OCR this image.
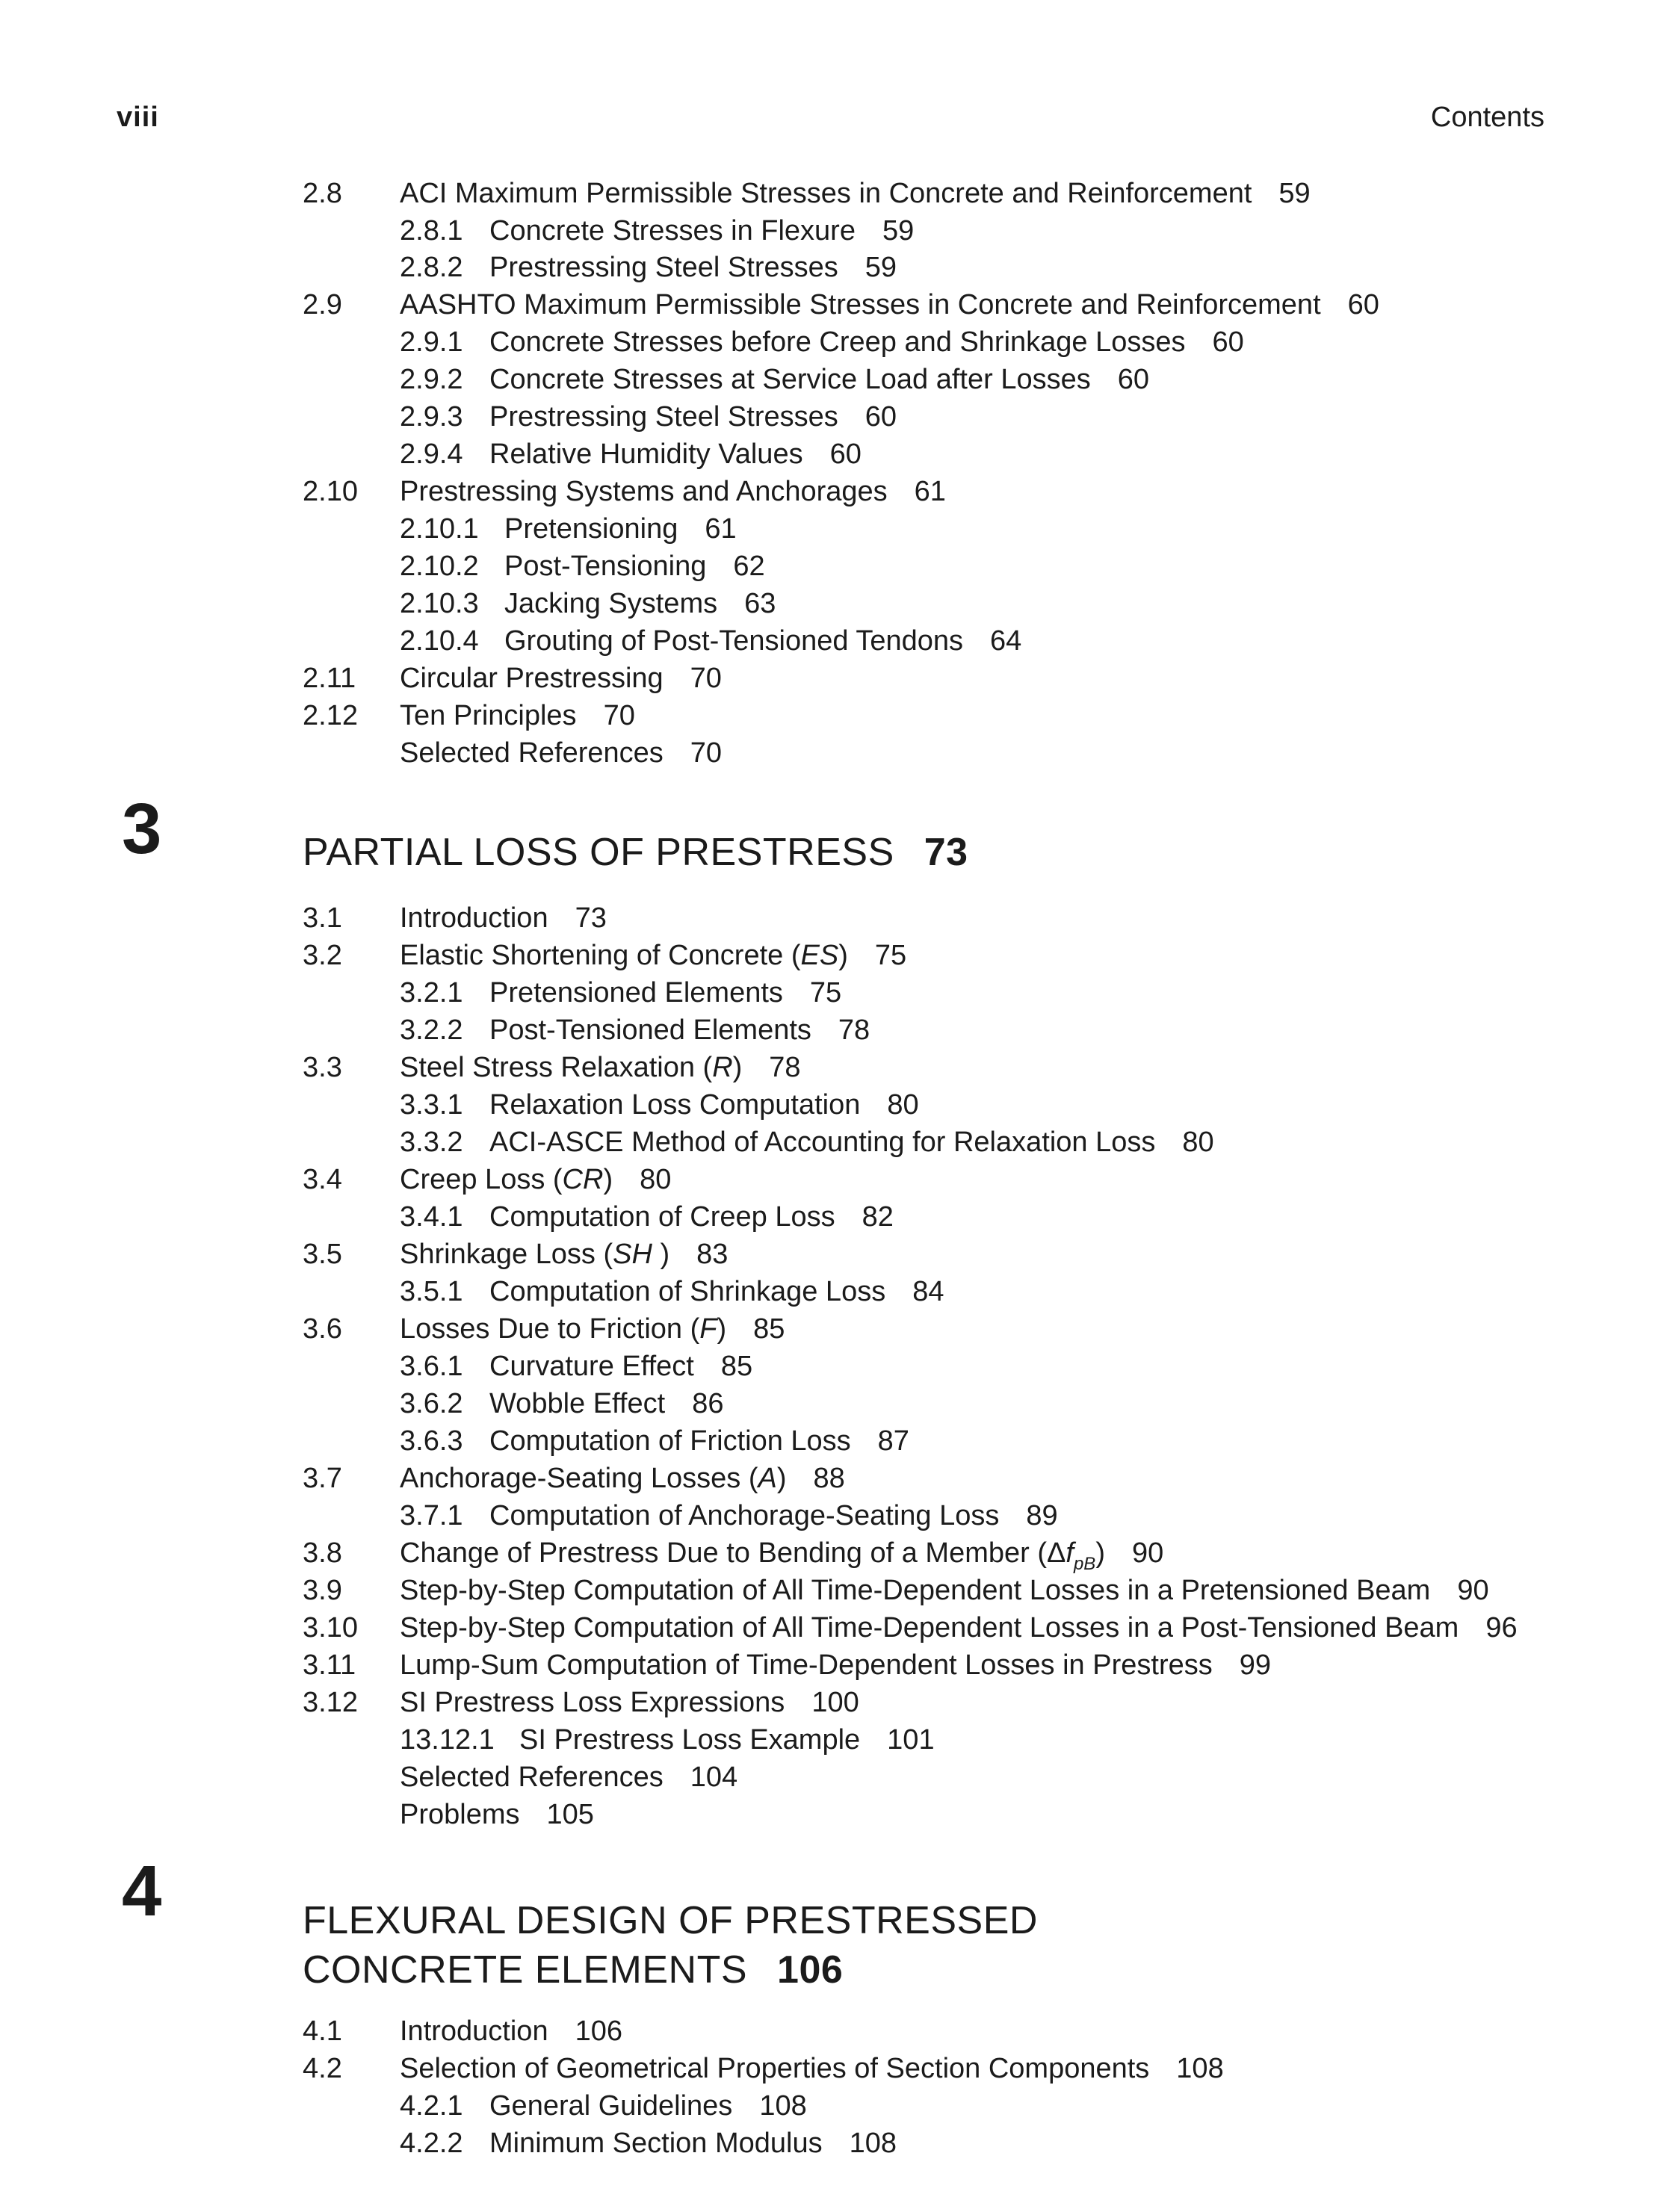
viii	Contents
2.8 ACI Maximum Permissible Stresses in Concrete and Reinforcement 59
2.8.1 Concrete Stresses in Flexure 59
2.8.2 Prestressing Steel Stresses 59
2.9 AASHTO Maximum Permissible Stresses in Concrete and Reinforcement 60
2.9.1 Concrete Stresses before Creep and Shrinkage Losses 60
2.9.2 Concrete Stresses at Service Load after Losses 60
2.9.3 Prestressing Steel Stresses 60
2.9.4 Relative Humidity Values 60
2.10 Prestressing Systems and Anchorages 61
2.10.1 Pretensioning 61
2.10.2 Post-Tensioning 62
2.10.3 Jacking Systems 63
2.10.4 Grouting of Post-Tensioned Tendons 64
2.11 Circular Prestressing 70
2.12 Ten Principles 70
Selected References 70
3	PARTIAL LOSS OF PRESTRESS 73
3.1 Introduction 73
3.2 Elastic Shortening of Concrete (ES) 75
3.2.1 Pretensioned Elements 75
3.2.2 Post-Tensioned Elements 78
3.3 Steel Stress Relaxation (R) 78
3.3.1 Relaxation Loss Computation 80
3.3.2 ACI-ASCE Method of Accounting for Relaxation Loss 80
3.4 Creep Loss (CR) 80
3.4.1 Computation of Creep Loss 82
3.5 Shrinkage Loss (SH ) 83
3.5.1 Computation of Shrinkage Loss 84
3.6 Losses Due to Friction (F) 85
3.6.1 Curvature Effect 85
3.6.2 Wobble Effect 86
3.6.3 Computation of Friction Loss 87
3.7 Anchorage-Seating Losses (A) 88
3.7.1 Computation of Anchorage-Seating Loss 89
3.8 Change of Prestress Due to Bending of a Member $(\Delta f_{pB})$ 90
3.9 Step-by-Step Computation of All Time-Dependent Losses in a Pretensioned Beam 90
3.10 Step-by-Step Computation of All Time-Dependent Losses in a Post-Tensioned Beam 96
3.11 Lump-Sum Computation of Time-Dependent Losses in Prestress 99
3.12 SI Prestress Loss Expressions 100
13.12.1 SI Prestress Loss Example 101
Selected References 104
Problems 105
4	FLEXURAL DESIGN OF PRESTRESSED
CONCRETE ELEMENTS 106
4.1 Introduction 106
4.2 Selection of Geometrical Properties of Section Components 108
4.2.1 General Guidelines 108
4.2.2 Minimum Section Modulus 108
